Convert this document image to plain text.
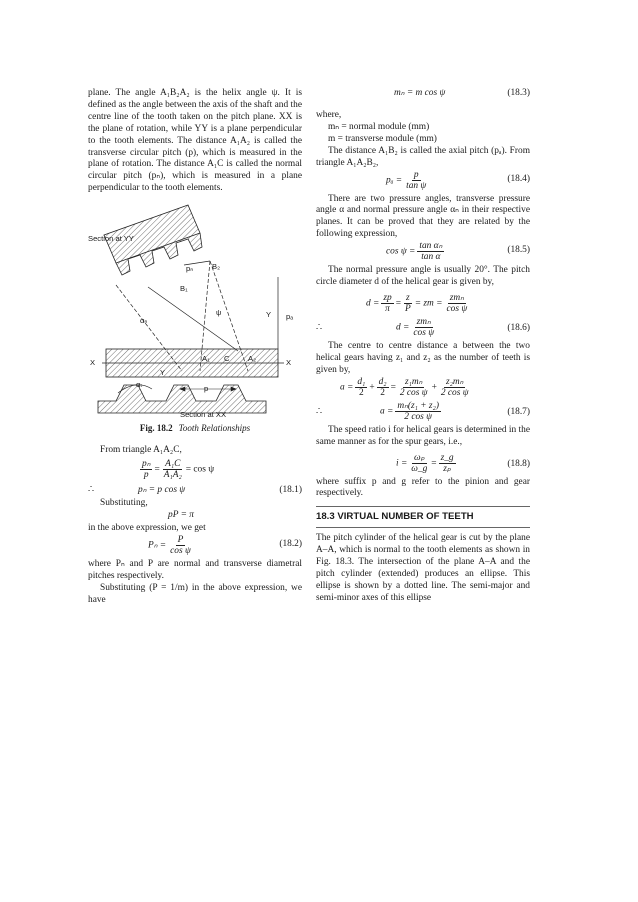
plane. The angle A₁B₂A₂ is the helix angle ψ. It is defined as the angle between the axis of the shaft and the centre line of the tooth taken on the pitch plane. XX is the plane of rotation, while YY is a plane perpendicular to the tooth elements. The distance A₁A₂ is called the transverse circular pitch (p), which is measured in the plane of rotation. The distance A₁C is called the normal circular pitch (pₙ), which is measured in a plane perpendicular to the tooth elements.

Section at YY
pₙ B₂
B₁
ψ	Y pₐ
αₙ
X	X
Y
A₁ C A₂
αₜ	p
Section at XX
Fig. 18.2 Tooth Relationships

From triangle A₁A₂C,

$\frac{\text{pₙ}}{p} = \frac{\text{A₁C}}{\text{A₁A₂}} = \cos \psi$
∴	pₙ = p cos ψ	(18.1)

Substituting,

pP = π

in the above expression, we get

$P_n = \frac{P}{\text{cos ψ}}$	(18.2)

where Pₙ and P are normal and transverse diametral pitches respectively.

Substituting (P = 1/m) in the above expression, we have

mₙ = m cos ψ	(18.3)

where,

mₙ = normal module (mm)

m = transverse module (mm)

The distance A₁B₂ is called the axial pitch (pₐ). From triangle A₁A₂B₂,

$p_a = \frac{p}{\text{tan ψ}}$	(18.4)

There are two pressure angles, transverse pressure angle α and normal pressure angle αₙ in their respective planes. It can be proved that they are related by the following expression,

$\cos \psi = \frac{\text{tan αₙ}}{\text{tan α}}$	(18.5)

The normal pressure angle is usually 20°. The pitch circle diameter d of the helical gear is given by,

$d = \frac{zp}{\pi} = \frac{z}{P}$ = zm = $\frac{\text{zmₙ}}{\text{cos ψ}}$
∴	$d = \frac{\text{zmₙ}}{\text{cos ψ}}$	(18.6)

The centre to centre distance a between the two helical gears having z₁ and z₂ as the number of teeth is given by,

$a = \frac{\text{d₁}}{2} + \frac{\text{d₂}}{2} = \frac{\text{z₁mₙ}}{\text{2 cos ψ}} + \frac{\text{z₂mₙ}}{\text{2 cos ψ}}$
∴	$a = \frac{\text{mₙ(z₁ + z₂)}}{\text{2 cos ψ}}$	(18.7)

The speed ratio i for helical gears is determined in the same manner as for the spur gears, i.e.,

$i = \frac{\text{ωₚ}}{\omega\_g} = \frac{z\_g}{\text{zₚ}}$	(18.8)

where suffix p and g refer to the pinion and gear respectively.

18.3 VIRTUAL NUMBER OF TEETH

The pitch cylinder of the helical gear is cut by the plane A–A, which is normal to the tooth elements as shown in Fig. 18.3. The intersection of the plane A–A and the pitch cylinder (extended) produces an ellipse. This ellipse is shown by a dotted line. The semi-major and semi-minor axes of this ellipse
